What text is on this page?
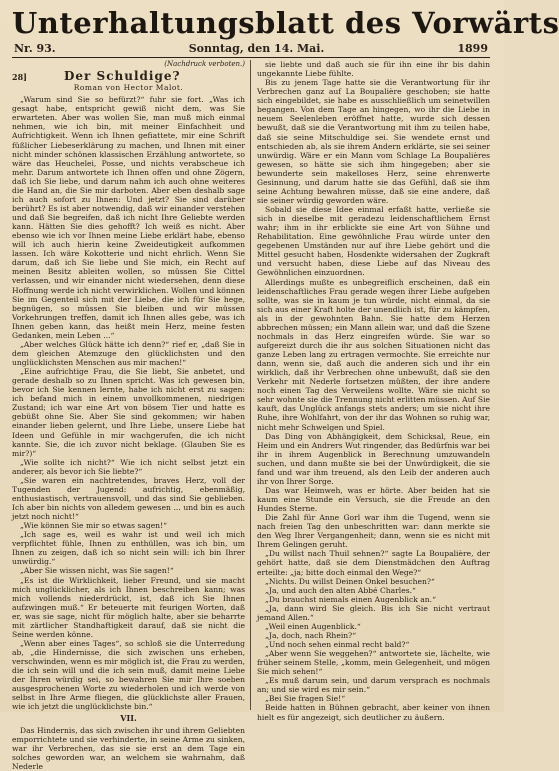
Unterhaltungsblatt des Vorwärts
Nr. 93.	Sonntag, den 14. Mai.	1899
(Nachdruck verboten.)
28]	Der Schuldige?
Roman von Hector Malot.

„Warum sind Sie so befürzt?“ fuhr sie fort. „Was ich gesagt habe, entspricht gewiß nicht dem, was Sie erwarteten. Aber was wollen Sie, man muß mich einmal nehmen, wie ich bin, mit meiner Einfachheit und Aufrichtigkeit. Wenn ich Ihnen gefiattete, mir eine Schrift füßlicher Liebeserklärung zu machen, und Ihnen mit einer nicht minder schönen klassischen Erzählung antwortete, so wäre das Heuchelei, Posse, und nichts verabscheue ich mehr. Darum antwortete ich Ihnen offen und ohne Zögern, daß ich Sie liebe, und darum nahm ich auch ohne weiteres die Hand an, die Sie mir darboten. Aber eben deshalb sage ich auch sofort zu Ihnen: Und jetzt? Sie sind darüber berührt? Es ist aber notwendig, daß wir einander verstehen und daß Sie begreifen, daß ich nicht Ihre Geliebte werden kann. Hätten Sie dies gehofft? Ich weiß es nicht. Aber ebenso wie ich vor Ihnen meine Liebe erklärt habe, ebenso will ich auch hierin keine Zweideutigkeit aufkommen lassen. Ich wäre Kokotterie und nicht ehrlich. Wenn Sie darum, daß ich Sie liebe und Sie mich, ein Recht auf meinen Besitz ableiten wollen, so müssen Sie Cittel verlassen, und wir einander nicht wiedersehen, denn diese Hoffnung werde ich nicht verwirklichen. Wollen und können Sie im Gegenteil sich mit der Liebe, die ich für Sie hege, begnügen, so müssen Sie bleiben und wir müssen Vorkehrungen treffen, damit ich Ihnen alles gebe, was ich Ihnen geben kann, das heißt mein Herz, meine festen Gedanken, mein Leben ...“

„Aber welches Glück hätte ich denn?“ rief er, „daß Sie in dem gleichen Atemzuge den glücklichsten und den unglücklichsten Menschen aus mir machen!“

„Eine aufrichtige Frau, die Sie liebt, Sie anbetet, und gerade deshalb so zu Ihnen spricht. Was ich gewesen bin, bevor ich Sie kennen lernte, habe ich nicht erst zu sagen: ich befand mich in einem unvollkommenen, niedrigen Zustand; ich war eine Art von bösem Tier und hatte es gebüßt ohne Sie. Aber Sie sind gekommen; wir haben einander lieben gelernt, und Ihre Liebe, unsere Liebe hat Ideen und Gefühle in mir wachgerufen, die ich nicht kannte. Sie, die ich zuvor nicht beklage. (Glauben Sie es mir?)“

„Wie sollte ich nicht?“ Wie ich nicht selbst jetzt ein anderer, als bevor ich Sie liebte?“

„Sie waren ein nachtretendes, braves Herz, voll der Tugenden der Jugend: aufrichtig, ebenmäßig, enthusiastisch, vertrauensvoll, und das sind Sie geblieben. Ich aber bin nichts von alledem gewesen ... und bin es auch jetzt noch nicht!“

„Wie können Sie mir so etwas sagen!“

„Ich sage es, weil es wahr ist und weil ich mich verpflichtet fühle, Ihnen zu enthüllen, was ich bin, um Ihnen zu zeigen, daß ich so nicht sein will: ich bin Ihrer unwürdig.“

„Aber Sie wissen nicht, was Sie sagen!“

„Es ist die Wirklichkeit, lieber Freund, und sie macht mich unglücklicher, als ich Ihnen beschreiben kann; was mich vollends niederdrückt, ist, daß ich Sie Ihnen aufzwingen muß.“ Er beteuerte mit feurigen Worten, daß er, was sie sage, nicht für möglich halte, aber sie beharrte mit zärtlicher Standhaftigkeit darauf, daß sie nicht die Seine werden könne.

„Wenn aber eines Tages“, so schloß sie die Unterredung ab, „die Hindernisse, die sich zwischen uns erheben, verschwinden, wenn es mir möglich ist, die Frau zu werden, die ich sein will und die ich sein muß, damit meine Liebe der Ihren würdig sei, so bewahren Sie mir Ihre soeben ausgesprochenen Worte zu wiederholen und ich werde von selbst in Ihre Arme fliegen, die glücklichste aller Frauen, wie ich jetzt die unglücklichste bin.“

VII.

Das Hindernis, das sich zwischen ihr und ihrem Geliebten emporrichtete und sie verhinderte, in seine Arme zu sinken, war ihr Verbrechen, das sie sie erst an dem Tage ein solches geworden war, an welchem sie wahrnahm, daß Nederle

sie liebte und daß auch sie für ihn eine ihr bis dahin ungekannte Liebe fühlte.

Bis zu jenem Tage hatte sie die Verantwortung für ihr Verbrechen ganz auf La Boupalière geschoben; sie hatte sich eingebildet, sie habe es ausschließlich um seinetwillen begangen. Von dem Tage an hingegen, wo ihr die Liebe in neuem Seelenleben eröffnet hatte, wurde sich dessen bewußt, daß sie die Verantwortung mit ihm zu teilen habe, daß sie seine Mitschuldige sei. Sie wendete ernst und entschieden ab, als sie ihrem Andern erklärte, sie sei seiner unwürdig. Wäre er ein Mann vom Schlage La Boupalières gewesen, so hätte sie sich ihm hingegeben; aber sie bewunderte sein makelloses Herz, seine ehrenwerte Gesinnung, und darum hatte sie das Gefühl, daß sie ihm seine Achtung bewahren müsse, daß sie eine andere, daß sie seiner würdig geworden wäre.

Sobald sie diese Idee einmal erfaßt hatte, verließe sie sich in dieselbe mit geradezu leidenschaftlichem Ernst wahr; ihm in ihr erblickte sie eine Art von Sühne und Rehabilitation. Eine gewöhnliche Frau würde unter den gegebenen Umständen nur auf ihre Liebe gehört und die Mittel gesucht haben, Hosdenkte widersahen der Zugkraft und versucht haben, diese Liebe auf das Niveau des Gewöhnlichen einzuordnen.

Allerdings mußte es unbegreiflich erscheinen, daß ein leidenschaftliches Frau gerade wegen ihrer Liebe aufgeben sollte, was sie in kaum je tun würde, nicht einmal, da sie sich aus einer Kraft holte der unendlich ist, für zu kämpfen, als in der gewohnten Bahn. Sie hatte dem Herzen abbrechen müssen; ein Mann allein war, und daß die Szene nochmals in das Herz eingreifen würde. Sie war so aufgereizt durch die ihr aus solchen Situationen nicht das ganze Leben lang zu ertragen vermochte. Sie erreichte nur dann, wenn sie, daß auch die anderen sich und ihr ein wirklich, daß ihr Verbrechen ohne unbewußt, daß sie den Verkehr mit Nederle fortsetzen müßten, der ihre andere noch einen Tag des Verweilens wollte. Wäre sie nicht so sehr wohnte sie die Trennung nicht erlitten müssen. Auf Sie kauft, das Unglück anfangs stets anders; um sie nicht ihre Ruhe, ihre Wohlfahrt, von der ihr das Wohnen so ruhig war, nicht mehr Schwelgen und Spiel.

Das Ding von Abhängigkeit, dem Schicksal, Reue, ein Heim und ein Andrers Wut ringender, das Bedürfnis war bei ihr in ihrem Augenblick in Berechnung umzuwandeln suchen, und dann mußte sie bei der Unwürdigkeit, die sie fand und war ihm treuend, als den Leib der anderen auch ihr von Ihrer Sorge.

Das war Heimweh, was er hörte. Aber beiden hat sie kaum eine Stunde ein Versuch, sie die Freude an den Hundes Sterne.

Die Zahl für Anne Gorl war ihm die Tugend, wenn sie nach freien Tag den unbeschritten war: dann merkte sie den Weg Ihrer Vergangenheit; dann, wenn sie es nicht mit Ihrem Gelingen geruht.

„Du willst nach Thuil sehnen?“ sagte La Boupalière, der gehört hatte, daß sie dem Dienstmädchen den Auftrag erteilte: „ja; bitte doch einmal den Wege?“

„Nichts. Du willst Deinen Onkel besuchen?“

„Ja, und auch den alten Abbé Charles.“

„Du brauchst niemals einen Augenblick an.“

„Ja, dann wird Sie gleich. Bis ich Sie nicht vertraut jemand Allen.“

„Weil einen Augenblick.“

„Ja, doch, nach Rhein?“

„Und noch sehen einmal recht bald?“

„Aber wenn Sie weggehen?“ antwortete sie, lächelte, wie früher seinem Stelle, „komm, mein Gelegenheit, und mögen Sie mich sehen!“

„Es muß darum sein, und darum versprach es nochmals an; und sie wird es mir sein.“

„Bei Sie fragen Sie!“

Beide hatten in Bühnen gebracht, aber keiner von ihnen hielt es für angezeigt, sich deutlicher zu äußern.
